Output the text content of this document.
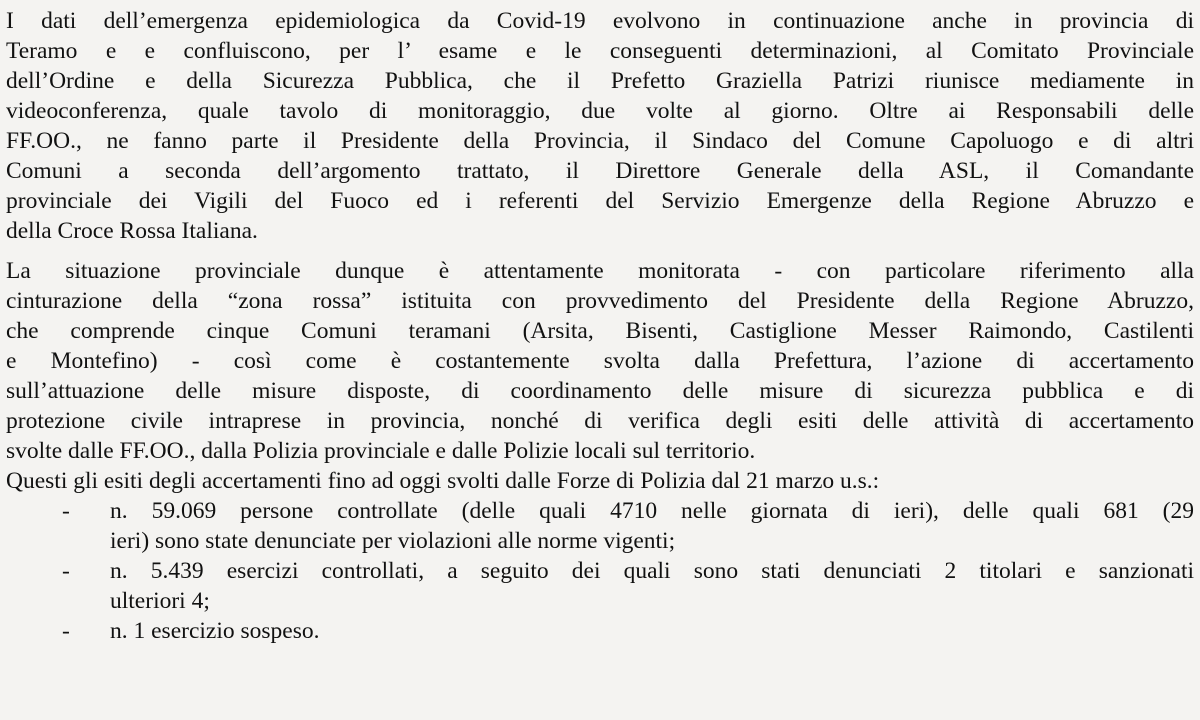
I dati dell’emergenza epidemiologica da Covid-19 evolvono in continuazione anche in provincia di
Teramo e e confluiscono, per l’ esame e le conseguenti determinazioni, al Comitato Provinciale
dell’Ordine e della Sicurezza Pubblica, che il Prefetto Graziella Patrizi riunisce mediamente in
videoconferenza, quale tavolo di monitoraggio, due volte al giorno. Oltre ai Responsabili delle
FF.OO., ne fanno parte il Presidente della Provincia, il Sindaco del Comune Capoluogo e di altri
Comuni a seconda dell’argomento trattato, il Direttore Generale della ASL, il Comandante
provinciale dei Vigili del Fuoco ed i referenti del Servizio Emergenze della Regione Abruzzo e
della Croce Rossa Italiana.

La situazione provinciale dunque è attentamente monitorata - con particolare riferimento alla
cinturazione della “zona rossa” istituita con provvedimento del Presidente della Regione Abruzzo,
che comprende cinque Comuni teramani (Arsita, Bisenti, Castiglione Messer Raimondo, Castilenti
e Montefino) - così come è costantemente svolta dalla Prefettura, l’azione di accertamento
sull’attuazione delle misure disposte, di coordinamento delle misure di sicurezza pubblica e di
protezione civile intraprese in provincia, nonché di verifica degli esiti delle attività di accertamento
svolte dalle FF.OO., dalla Polizia provinciale e dalle Polizie locali sul territorio.

Questi gli esiti degli accertamenti fino ad oggi svolti dalle Forze di Polizia dal 21 marzo u.s.:

- n. 59.069 persone controllate (delle quali 4710 nelle giornata di ieri), delle quali 681 (29
ieri) sono state denunciate per violazioni alle norme vigenti;
- n. 5.439 esercizi controllati, a seguito dei quali sono stati denunciati 2 titolari e sanzionati
ulteriori 4;
- n. 1 esercizio sospeso.
